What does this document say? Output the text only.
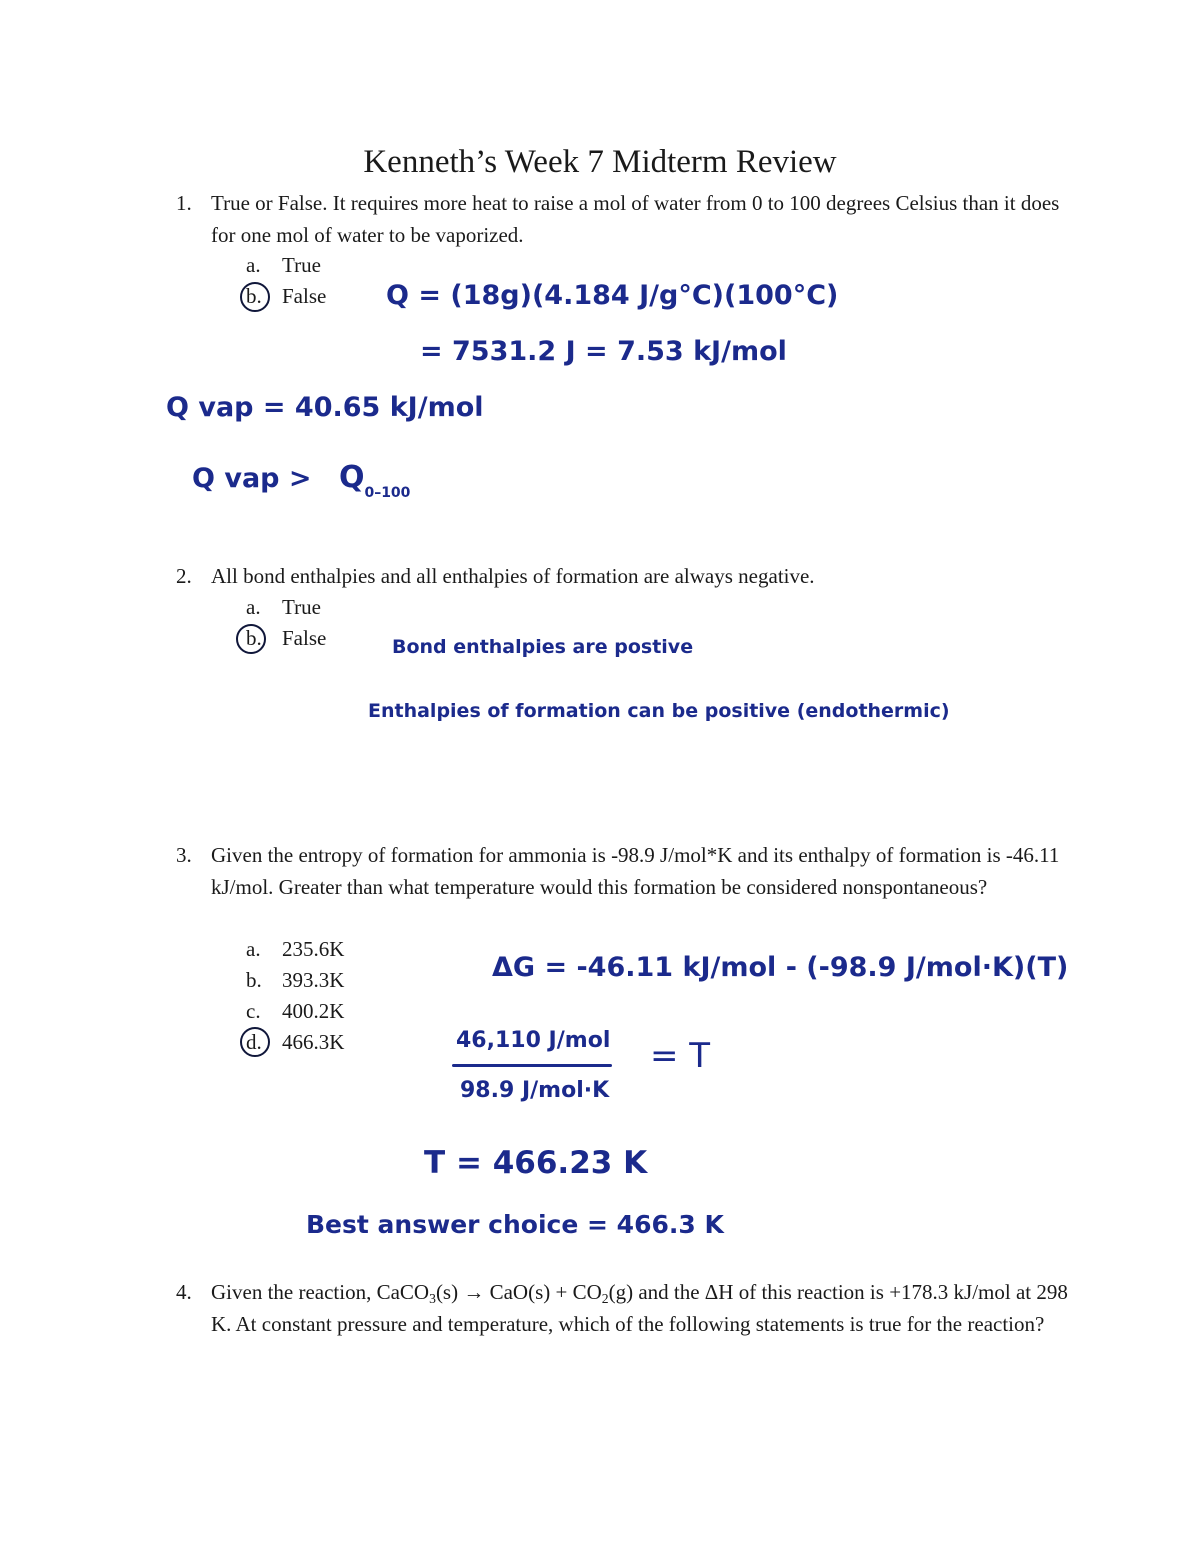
Kenneth’s Week 7 Midterm Review
1. True or False. It requires more heat to raise a mol of water from 0 to 100 degrees Celsius than it does for one mol of water to be vaporized.
a. True
b. False Q = (18g)(4.184 J/g°C)(100°C)
= 7531.2 J = 7.53 kJ/mol
Q vap = 40.65 kJ/mol
Q vap > $Q_{0-100}$
2. All bond enthalpies and all enthalpies of formation are always negative.
a. True
b. False	Bond enthalpies are postive
Enthalpies of formation can be positive (endothermic)
3. Given the entropy of formation for ammonia is -98.9 J/mol*K and its enthalpy of formation is -46.11 kJ/mol. Greater than what temperature would this formation be considered nonspontaneous?
a. 235.6K
b. 393.3K
c. 400.2K
d. 466.3K
ΔG = -46.11 kJ/mol - (-98.9 J/mol·K)(T)
46,110 J/mol
98.9 J/mol·K
= T
T = 466.23 K
Best answer choice = 466.3 K
4. Given the reaction, CaCO$_3$(s) → $CaO(s) + CO_2(g)$ and the ΔH of this reaction is +178.3 kJ/mol at 298 K. At constant pressure and temperature, which of the following statements is true for the reaction?
